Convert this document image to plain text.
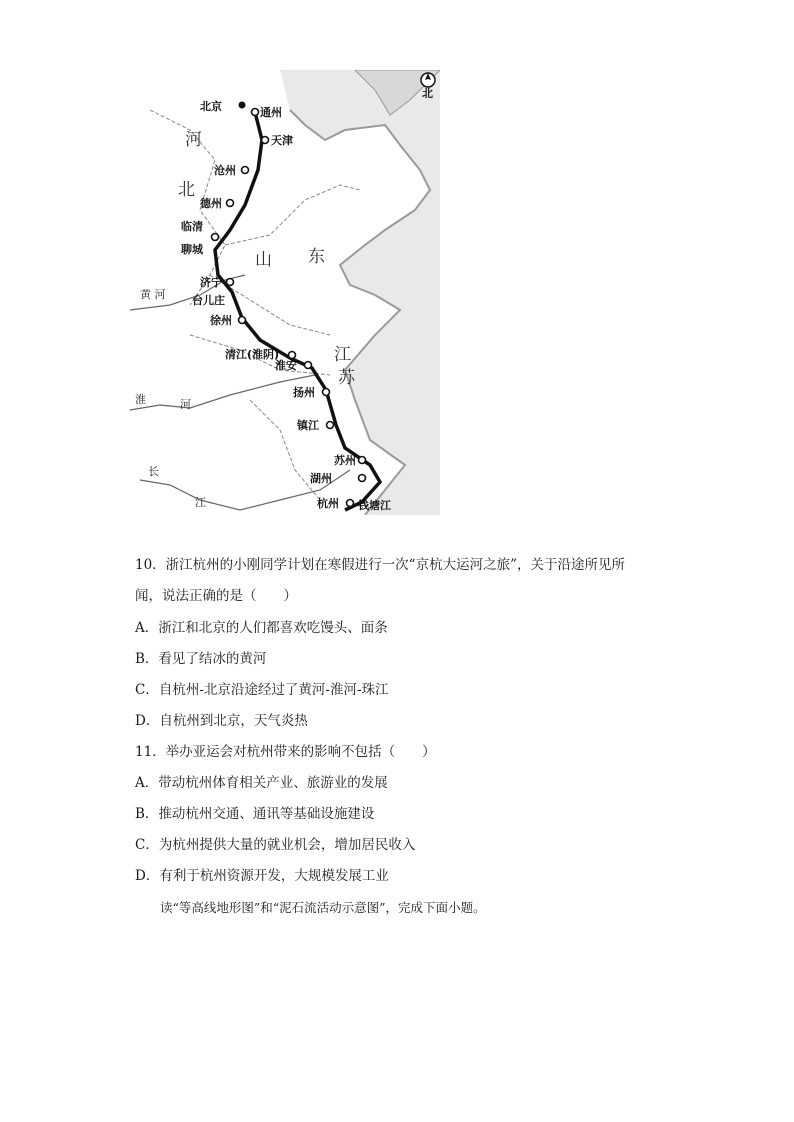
北京	通州
天津
沧州
德州
临清
聊城
济宁
台儿庄
徐州
清江(淮阴)
淮安
扬州
镇江
苏州
湖州
杭州
河
北
山 东
江
苏
黄 河
淮	河
长
江	钱塘江
北
10．浙江杭州的小刚同学计划在寒假进行一次“京杭大运河之旅”，关于沿途所见所
闻，说法正确的是（　　）
A．浙江和北京的人们都喜欢吃馒头、面条
B．看见了结冰的黄河
C．自杭州-北京沿途经过了黄河-淮河-珠江
D．自杭州到北京，天气炎热
11．举办亚运会对杭州带来的影响不包括（　　）
A．带动杭州体育相关产业、旅游业的发展
B．推动杭州交通、通讯等基础设施建设
C．为杭州提供大量的就业机会，增加居民收入
D．有利于杭州资源开发，大规模发展工业
读“等高线地形图”和“泥石流活动示意图”，完成下面小题。
